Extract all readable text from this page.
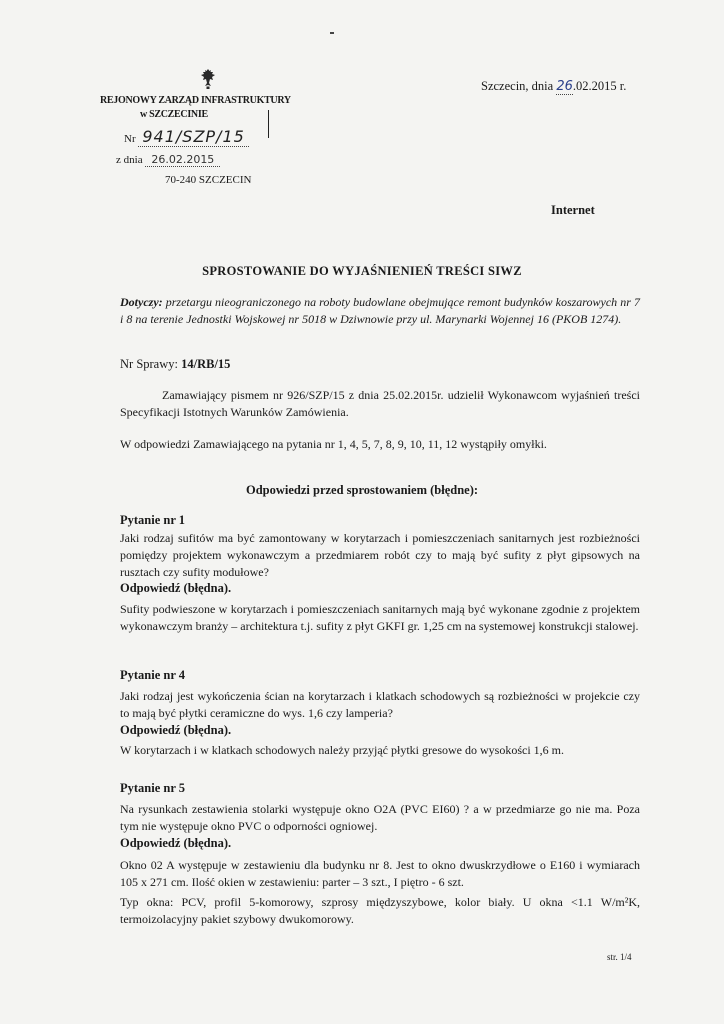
REJONOWY ZARZĄD INFRASTRUKTURY
w SZCZECINIE
Nr 941/SZP/15
z dnia 26.02.2015
70-240 SZCZECIN
Szczecin, dnia 26.02.2015 r.
Internet
SPROSTOWANIE DO WYJAŚNIENIEŃ TREŚCI SIWZ
Dotyczy: przetargu nieograniczonego na roboty budowlane obejmujące remont budynków koszarowych nr 7 i 8 na terenie Jednostki Wojskowej nr 5018 w Dziwnowie przy ul. Marynarki Wojennej 16 (PKOB 1274).
Nr Sprawy: 14/RB/15
Zamawiający pismem nr 926/SZP/15 z dnia 25.02.2015r. udzielił Wykonawcom wyjaśnień treści Specyfikacji Istotnych Warunków Zamówienia.
W odpowiedzi Zamawiającego na pytania nr 1, 4, 5, 7, 8, 9, 10, 11, 12 wystąpiły omyłki.
Odpowiedzi przed sprostowaniem (błędne):
Pytanie nr 1
Jaki rodzaj sufitów ma być zamontowany w korytarzach i pomieszczeniach sanitarnych jest rozbieżności pomiędzy projektem wykonawczym a przedmiarem robót czy to mają być sufity z płyt gipsowych na rusztach czy sufity modułowe?
Odpowiedź (błędna).
Sufity podwieszone w korytarzach i pomieszczeniach sanitarnych mają być wykonane zgodnie z projektem wykonawczym branży – architektura t.j. sufity z płyt GKFI gr. 1,25 cm na systemowej konstrukcji stalowej.
Pytanie nr 4
Jaki rodzaj jest wykończenia ścian na korytarzach i klatkach schodowych są rozbieżności w projekcie czy to mają być płytki ceramiczne do wys. 1,6 czy lamperia?
Odpowiedź (błędna).
W korytarzach i w klatkach schodowych należy przyjąć płytki gresowe do wysokości 1,6 m.
Pytanie nr 5
Na rysunkach zestawienia stolarki występuje okno O2A (PVC EI60) ? a w przedmiarze go nie ma. Poza tym nie występuje okno PVC o odporności ogniowej.
Odpowiedź (błędna).
Okno 02 A występuje w zestawieniu dla budynku nr 8. Jest to okno dwuskrzydłowe o E160 i wymiarach 105 x 271 cm. Ilość okien w zestawieniu: parter – 3 szt., I piętro - 6 szt.
Typ okna: PCV, profil 5-komorowy, szprosy międzyszybowe, kolor biały. U okna <1.1 W/m²K, termoizolacyjny pakiet szybowy dwukomorowy.
str. 1/4
